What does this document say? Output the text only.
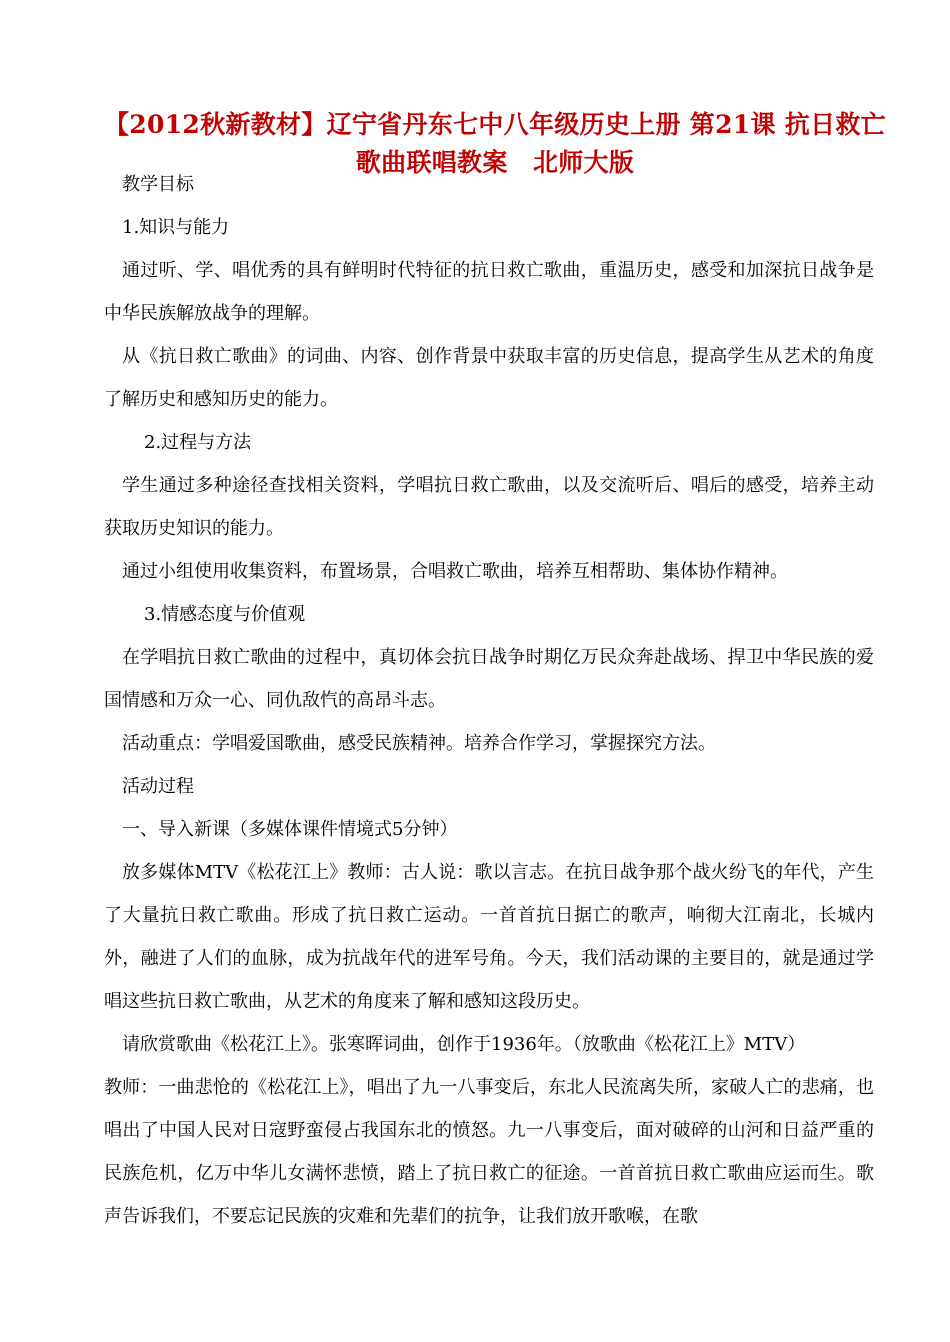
【2012秋新教材】辽宁省丹东七中八年级历史上册 第21课 抗日救亡歌曲联唱教案　北师大版

教学目标

1.知识与能力

通过听、学、唱优秀的具有鲜明时代特征的抗日救亡歌曲，重温历史，感受和加深抗日战争是中华民族解放战争的理解。

从《抗日救亡歌曲》的词曲、内容、创作背景中获取丰富的历史信息，提高学生从艺术的角度了解历史和感知历史的能力。

2.过程与方法

学生通过多种途径查找相关资料，学唱抗日救亡歌曲，以及交流听后、唱后的感受，培养主动获取历史知识的能力。

通过小组使用收集资料，布置场景，合唱救亡歌曲，培养互相帮助、集体协作精神。

3.情感态度与价值观

在学唱抗日救亡歌曲的过程中，真切体会抗日战争时期亿万民众奔赴战场、捍卫中华民族的爱国情感和万众一心、同仇敌忾的高昂斗志。

活动重点：学唱爱国歌曲，感受民族精神。培养合作学习，掌握探究方法。

活动过程

一、导入新课（多媒体课件情境式5分钟）

放多媒体MTV《松花江上》教师：古人说：歌以言志。在抗日战争那个战火纷飞的年代，产生了大量抗日救亡歌曲。形成了抗日救亡运动。一首首抗日据亡的歌声，响彻大江南北，长城内外，融进了人们的血脉，成为抗战年代的进军号角。今天，我们活动课的主要目的，就是通过学唱这些抗日救亡歌曲，从艺术的角度来了解和感知这段历史。

请欣赏歌曲《松花江上》。张寒晖词曲，创作于1936年。（放歌曲《松花江上》MTV）

教师：一曲悲怆的《松花江上》，唱出了九一八事变后，东北人民流离失所，家破人亡的悲痛，也唱出了中国人民对日寇野蛮侵占我国东北的愤怒。九一八事变后，面对破碎的山河和日益严重的民族危机，亿万中华儿女满怀悲愤，踏上了抗日救亡的征途。一首首抗日救亡歌曲应运而生。歌声告诉我们，不要忘记民族的灾难和先辈们的抗争，让我们放开歌喉，在歌
